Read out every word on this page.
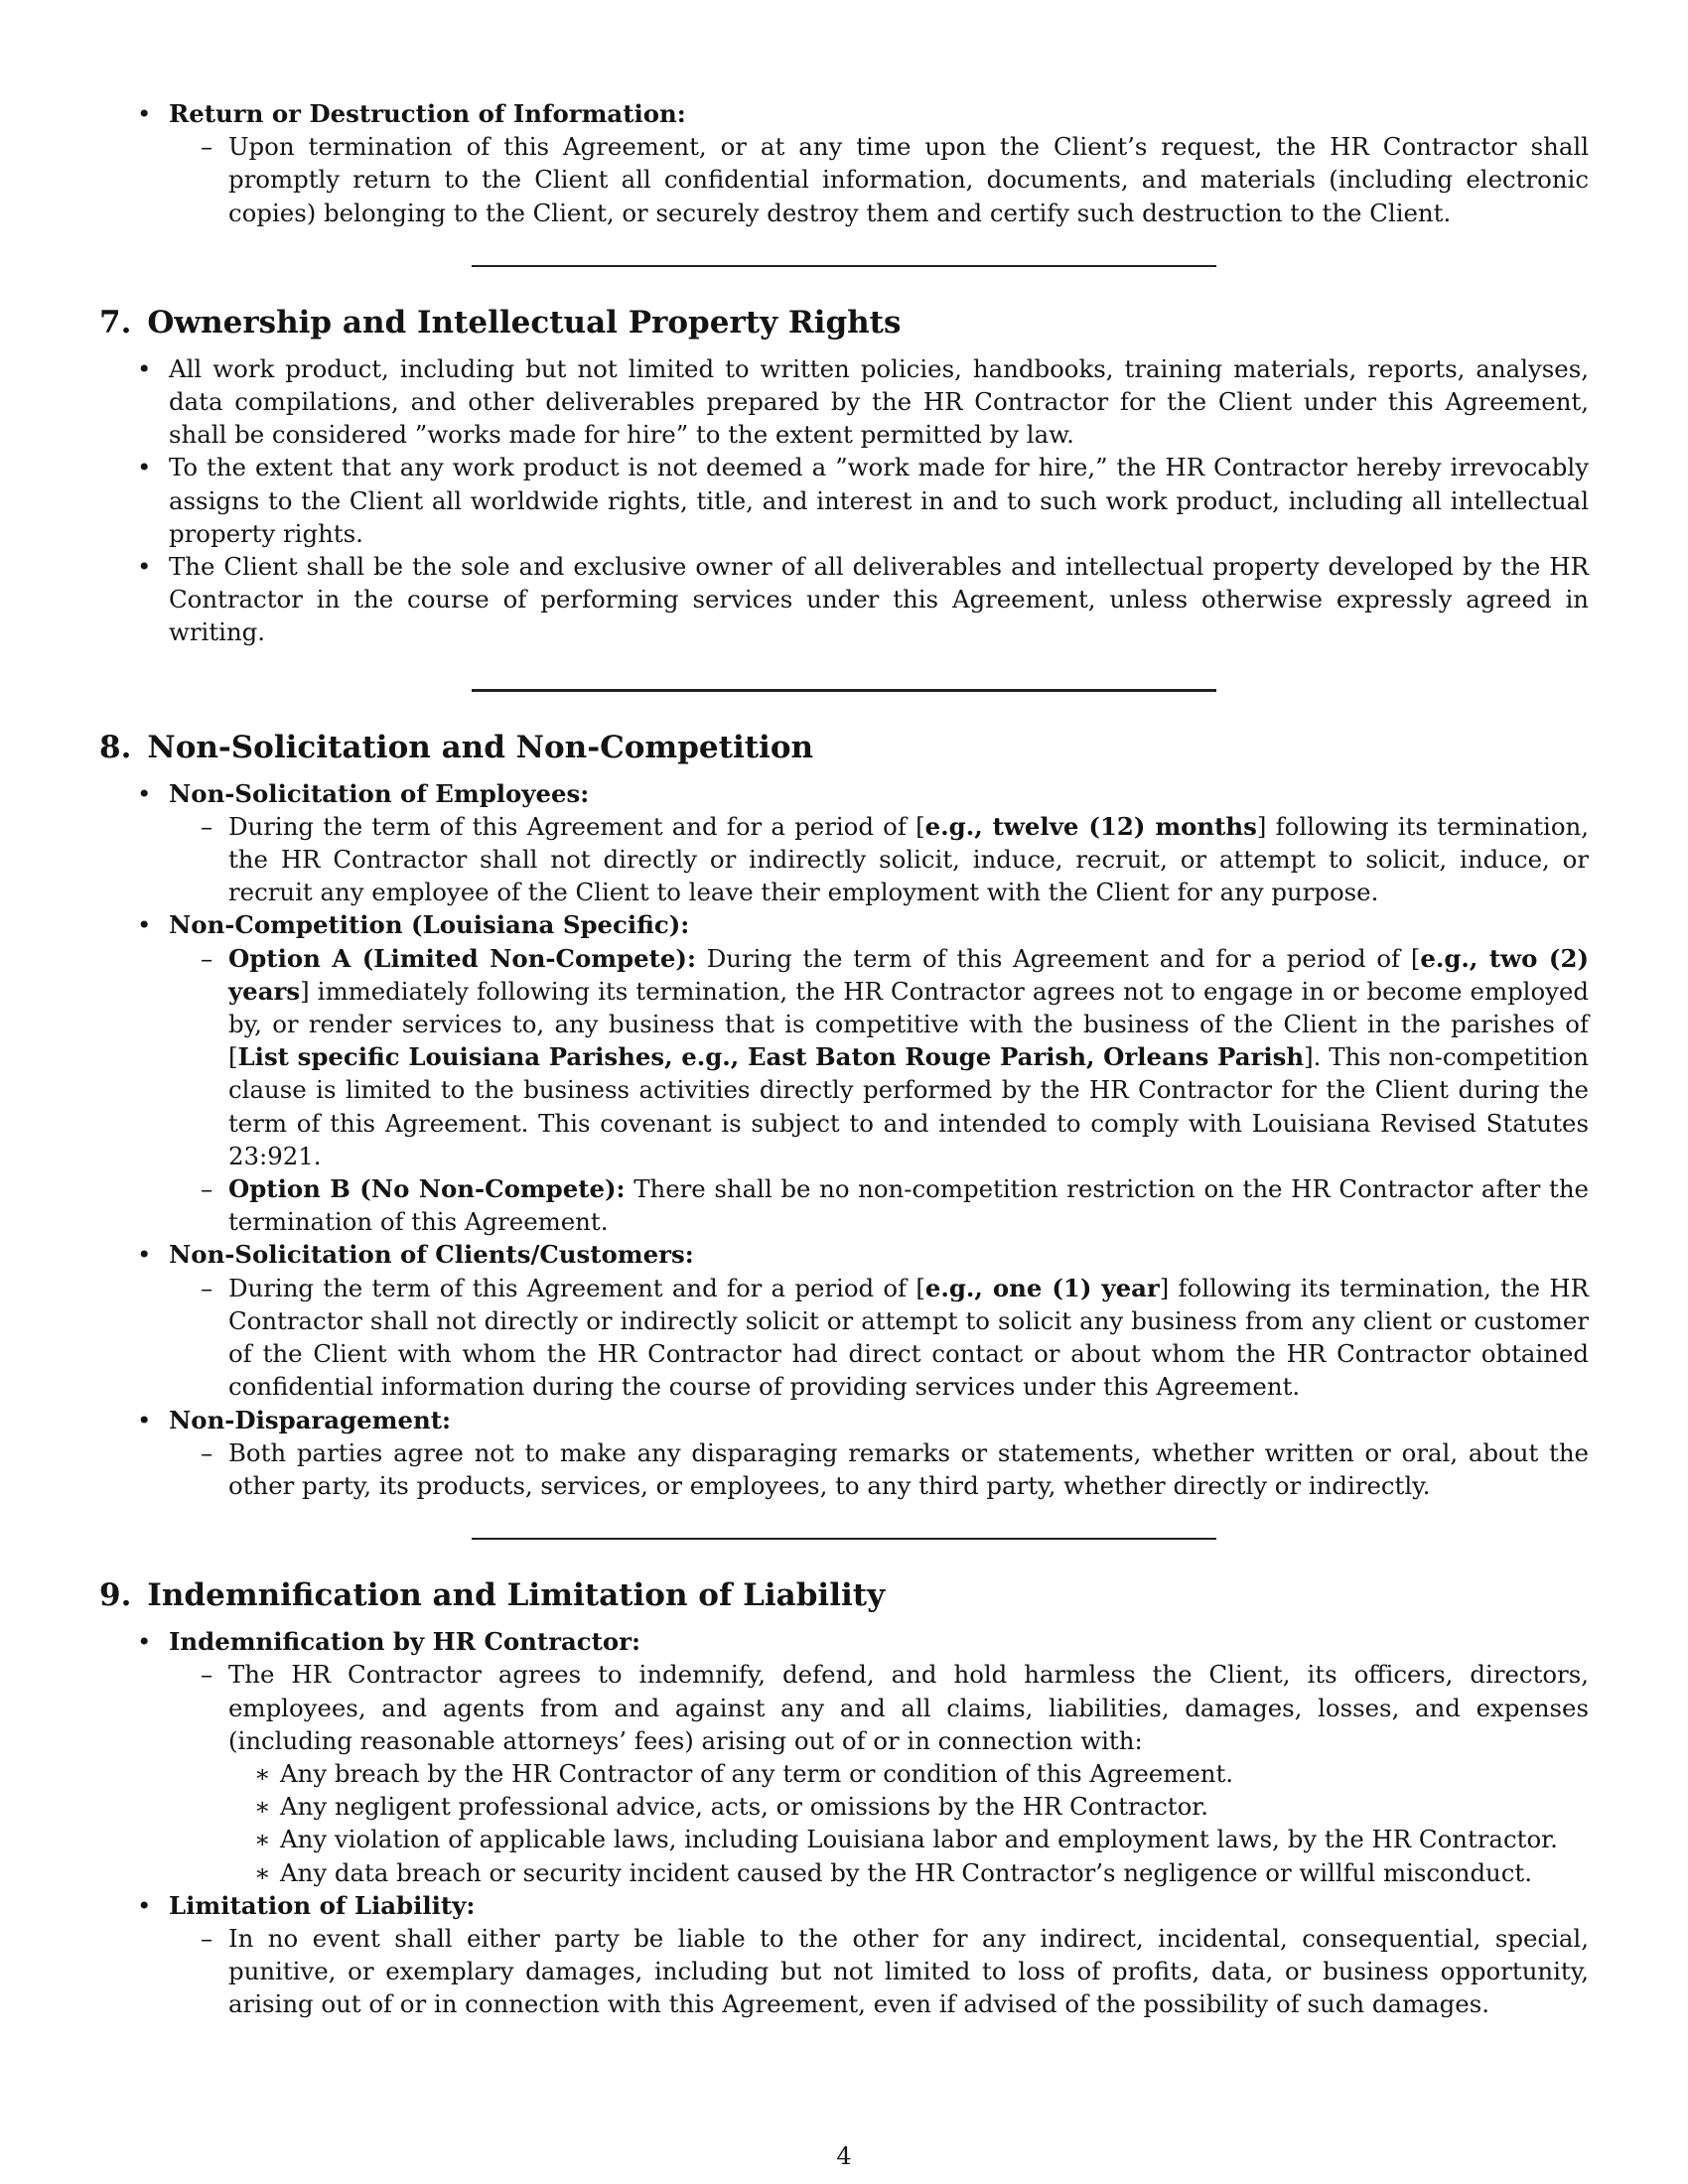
• Return or Destruction of Information:

– Upon termination of this Agreement, or at any time upon the Client’s request, the HR Contractor shall promptly return to the Client all confidential information, documents, and materials (including electronic copies) belonging to the Client, or securely destroy them and certify such destruction to the Client.

7. Ownership and Intellectual Property Rights

• All work product, including but not limited to written policies, handbooks, training materials, reports, analyses, data compilations, and other deliverables prepared by the HR Contractor for the Client under this Agreement, shall be considered ”works made for hire” to the extent permitted by law.

• To the extent that any work product is not deemed a ”work made for hire,” the HR Contractor hereby irrevocably assigns to the Client all worldwide rights, title, and interest in and to such work product, including all intellectual property rights.

• The Client shall be the sole and exclusive owner of all deliverables and intellectual property developed by the HR Contractor in the course of performing services under this Agreement, unless otherwise expressly agreed in writing.

8. Non-Solicitation and Non-Competition

• Non-Solicitation of Employees:

– During the term of this Agreement and for a period of [e.g., twelve (12) months] following its termination, the HR Contractor shall not directly or indirectly solicit, induce, recruit, or attempt to solicit, induce, or recruit any employee of the Client to leave their employment with the Client for any purpose.

• Non-Competition (Louisiana Specific):

– Option A (Limited Non-Compete): During the term of this Agreement and for a period of [e.g., two (2) years] immediately following its termination, the HR Contractor agrees not to engage in or become employed by, or render services to, any business that is competitive with the business of the Client in the parishes of [List specific Louisiana Parishes, e.g., East Baton Rouge Parish, Orleans Parish]. This non-competition clause is limited to the business activities directly performed by the HR Contractor for the Client during the term of this Agreement. This covenant is subject to and intended to comply with Louisiana Revised Statutes 23:921.

– Option B (No Non-Compete): There shall be no non-competition restriction on the HR Contractor after the termination of this Agreement.

• Non-Solicitation of Clients/Customers:

– During the term of this Agreement and for a period of [e.g., one (1) year] following its termination, the HR Contractor shall not directly or indirectly solicit or attempt to solicit any business from any client or customer of the Client with whom the HR Contractor had direct contact or about whom the HR Contractor obtained confidential information during the course of providing services under this Agreement.

• Non-Disparagement:

– Both parties agree not to make any disparaging remarks or statements, whether written or oral, about the other party, its products, services, or employees, to any third party, whether directly or indirectly.

9. Indemnification and Limitation of Liability

• Indemnification by HR Contractor:

– The HR Contractor agrees to indemnify, defend, and hold harmless the Client, its officers, directors, employees, and agents from and against any and all claims, liabilities, damages, losses, and expenses (including reasonable attorneys’ fees) arising out of or in connection with:

∗ Any breach by the HR Contractor of any term or condition of this Agreement.

∗ Any negligent professional advice, acts, or omissions by the HR Contractor.

∗ Any violation of applicable laws, including Louisiana labor and employment laws, by the HR Contractor.

∗ Any data breach or security incident caused by the HR Contractor’s negligence or willful misconduct.

• Limitation of Liability:

– In no event shall either party be liable to the other for any indirect, incidental, consequential, special, punitive, or exemplary damages, including but not limited to loss of profits, data, or business opportunity, arising out of or in connection with this Agreement, even if advised of the possibility of such damages.

4
